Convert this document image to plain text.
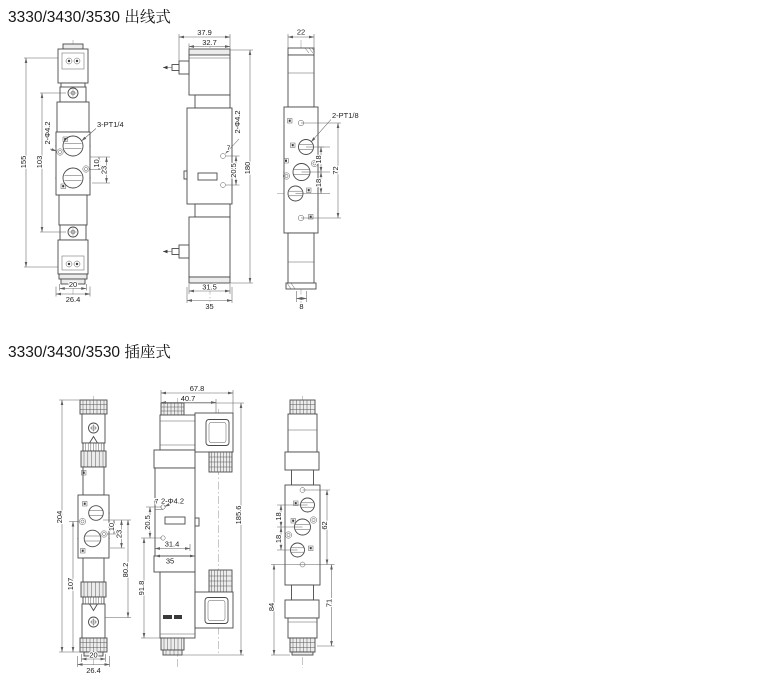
3330/3430/3530 出线式
3330/3430/3530 插座式
155 103
2-Φ4.2	3-PT1/4
10
23
20
26.4
37.9
32.7
2-Φ4.2
7
20.5 180
31.5
35
22
2-PT1/8
18
18
72
8
204
107
10
23
80.2
20
26.4
67.8
40.7
7 2-Φ4.2
20.5
91.8
31.4
35
185.6	18
18
84
62
71
